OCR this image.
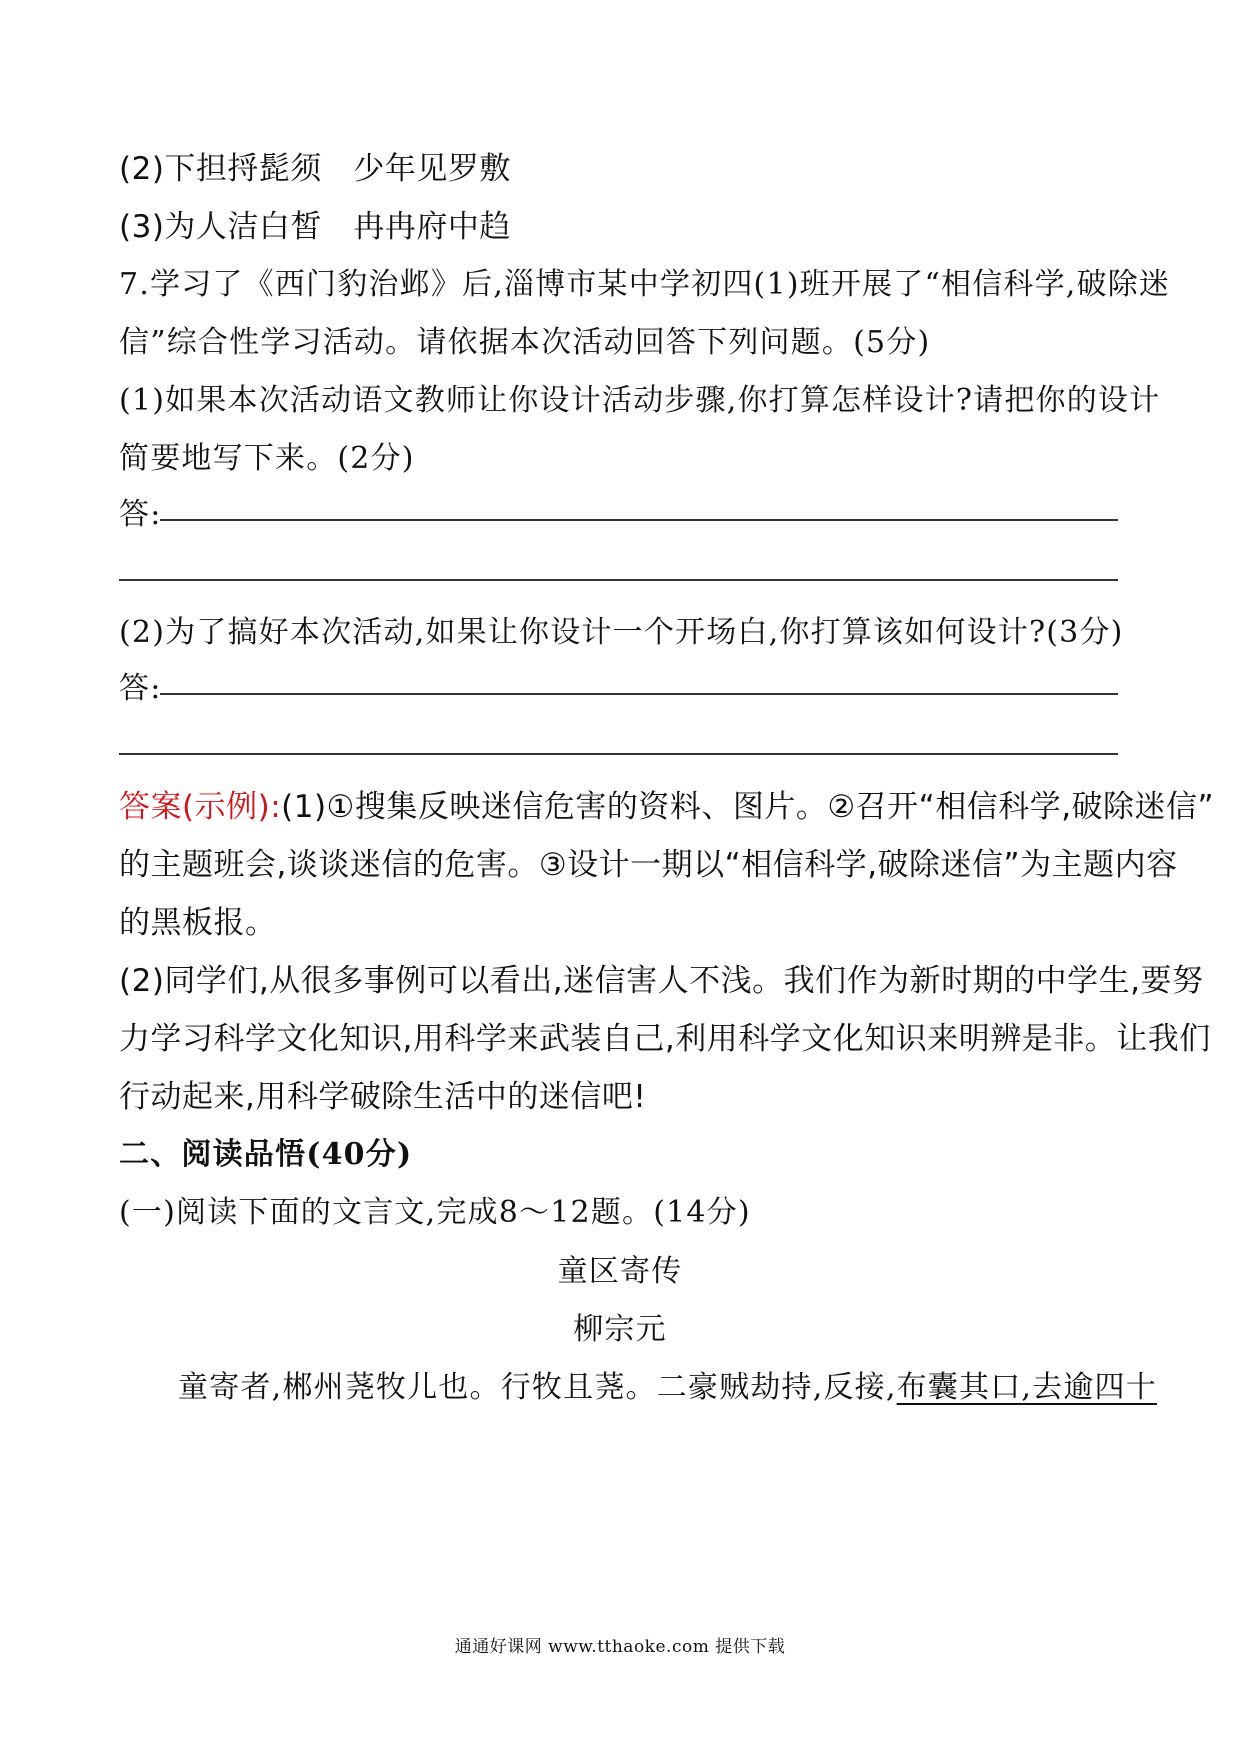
(2)下担捋髭须　少年见罗敷
(3)为人洁白皙　冉冉府中趋
7.学习了《西门豹治邺》后,淄博市某中学初四(1)班开展了“相信科学,破除迷
信”综合性学习活动。请依据本次活动回答下列问题。(5分)
(1)如果本次活动语文教师让你设计活动步骤,你打算怎样设计?请把你的设计
简要地写下来。(2分)
答:
(2)为了搞好本次活动,如果让你设计一个开场白,你打算该如何设计?(3分)
答:
答案(示例):(1)①搜集反映迷信危害的资料、图片。②召开“相信科学,破除迷信”
的主题班会,谈谈迷信的危害。③设计一期以“相信科学,破除迷信”为主题内容
的黑板报。
(2)同学们,从很多事例可以看出,迷信害人不浅。我们作为新时期的中学生,要努
力学习科学文化知识,用科学来武装自己,利用科学文化知识来明辨是非。让我们
行动起来,用科学破除生活中的迷信吧!
二、阅读品悟(40分)
(一)阅读下面的文言文,完成8～12题。(14分)
童区寄传
柳宗元
童寄者,郴州荛牧儿也。行牧且荛。二豪贼劫持,反接,布囊其口,去逾四十
通通好课网 www.tthaoke.com 提供下载
